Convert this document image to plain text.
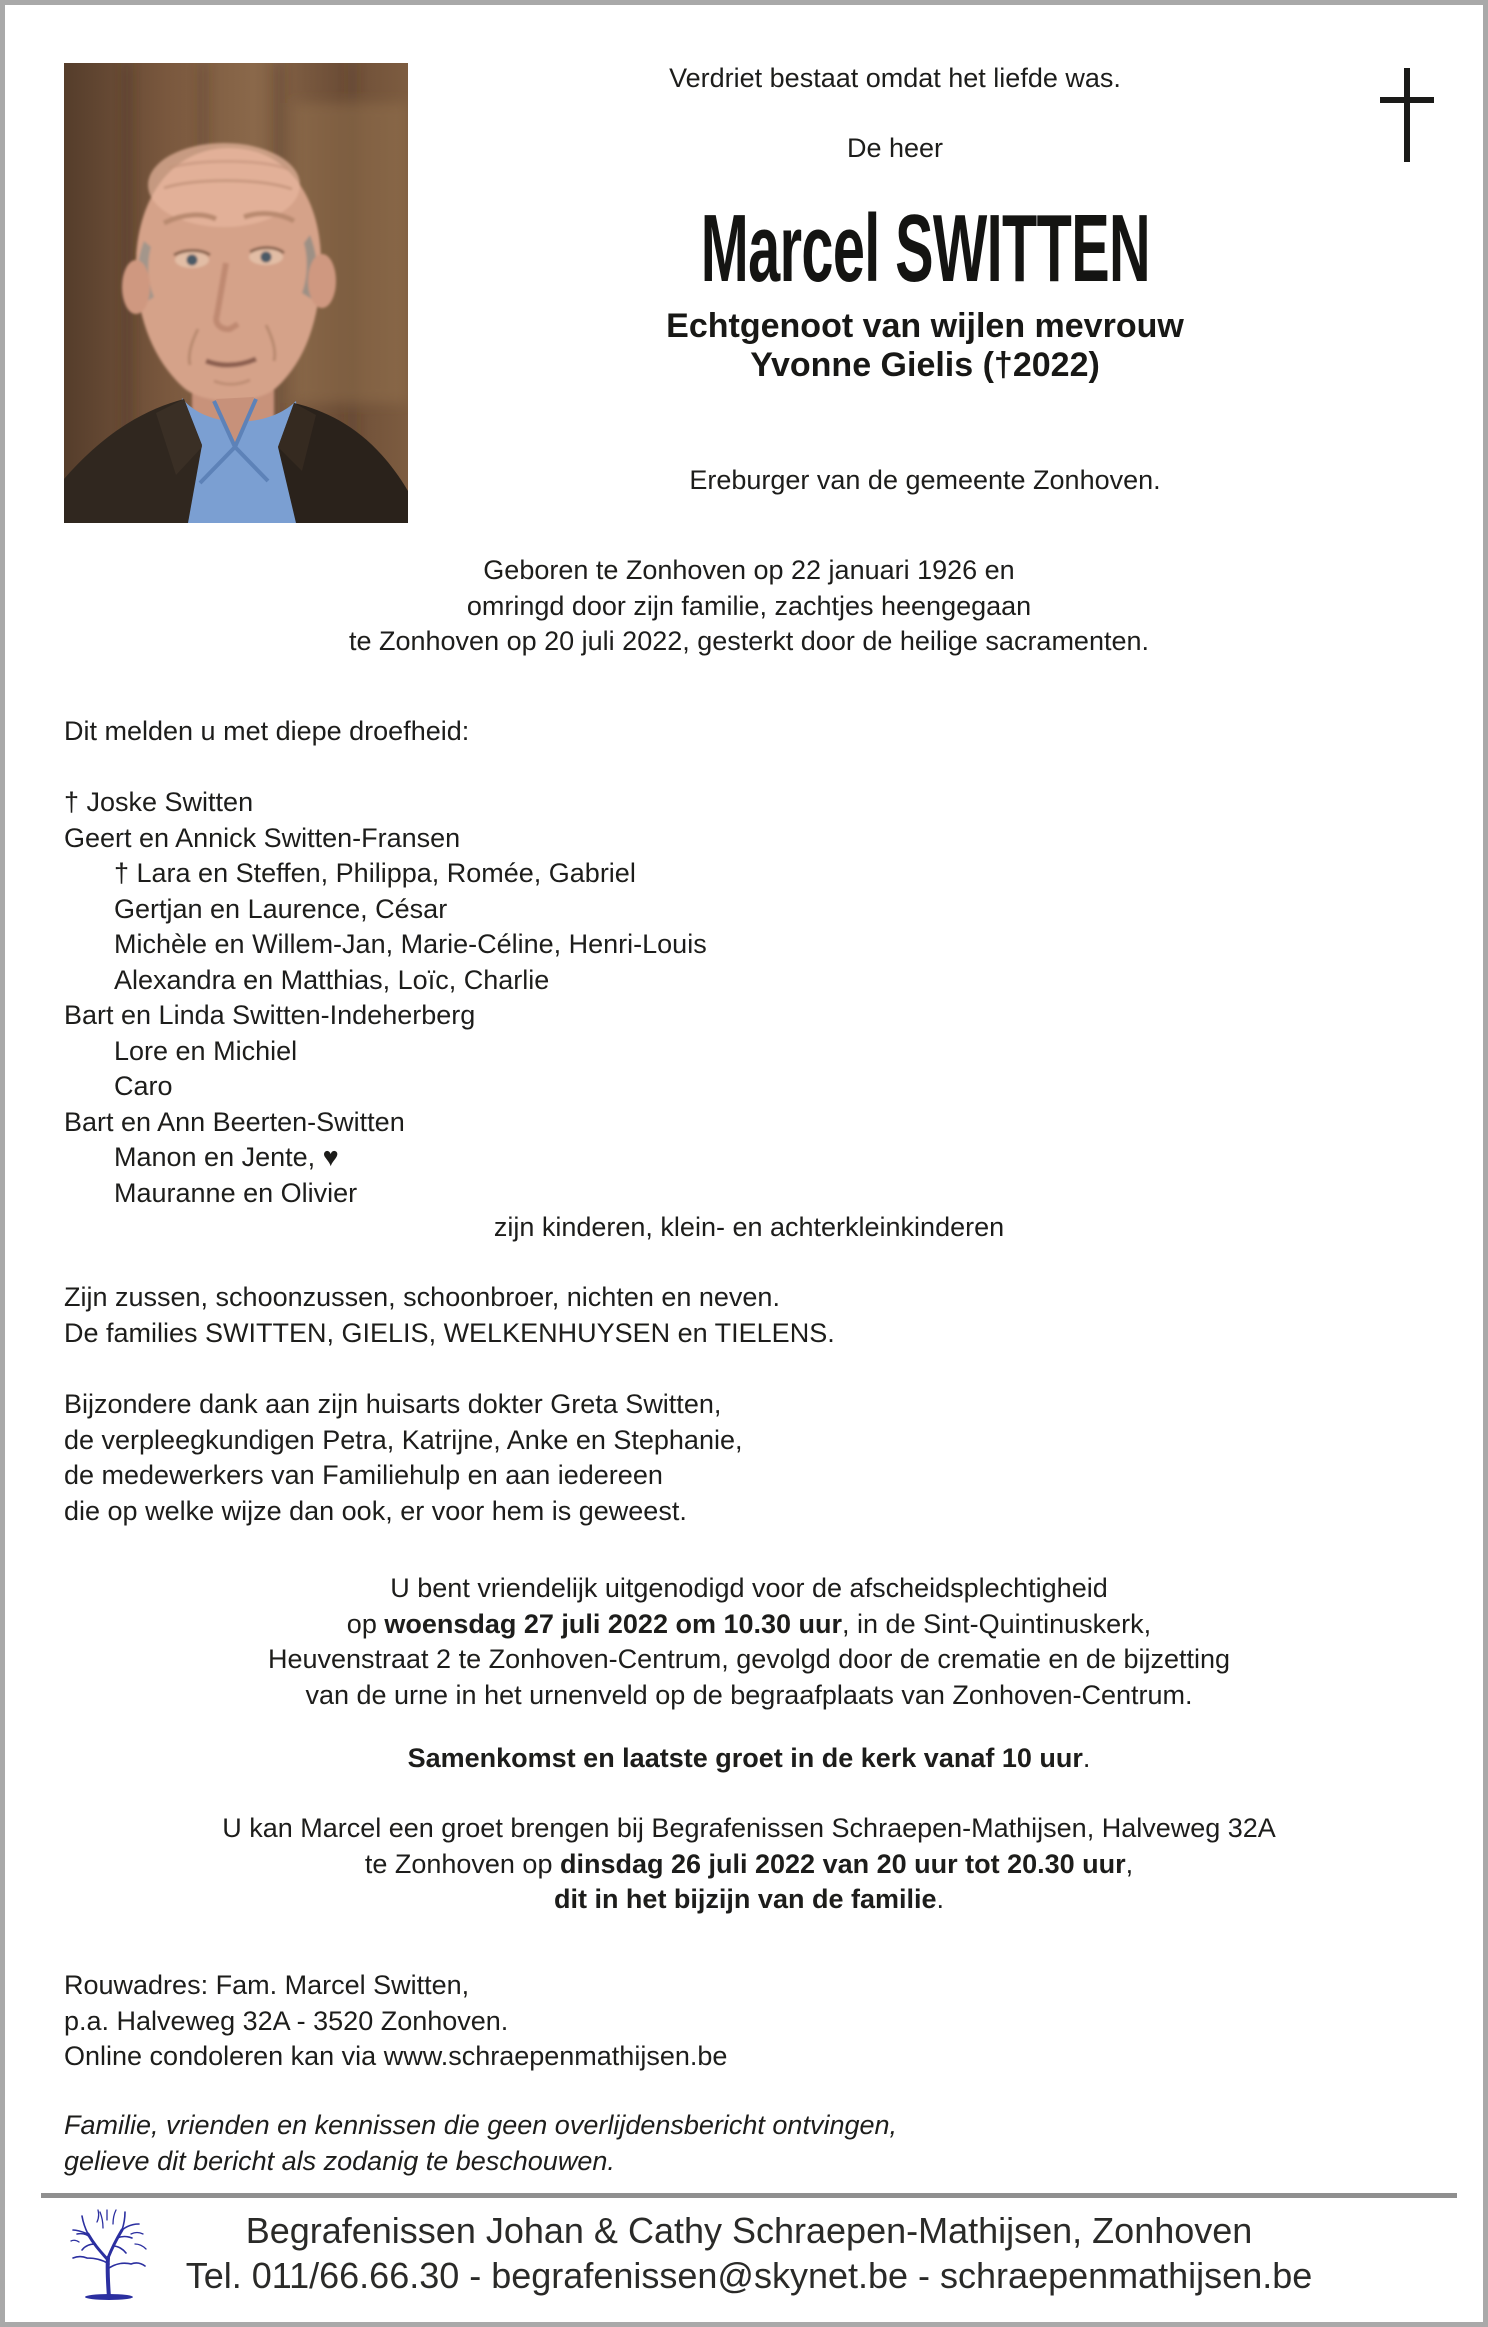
Verdriet bestaat omdat het liefde was.
De heer
Marcel SWITTEN
Echtgenoot van wijlen mevrouw
Yvonne Gielis (†2022)
Ereburger van de gemeente Zonhoven.
Geboren te Zonhoven op 22 januari 1926 en
omringd door zijn familie, zachtjes heengegaan
te Zonhoven op 20 juli 2022, gesterkt door de heilige sacramenten.
Dit melden u met diepe droefheid:
† Joske Switten
Geert en Annick Switten-Fransen
† Lara en Steffen, Philippa, Romée, Gabriel
Gertjan en Laurence, César
Michèle en Willem-Jan, Marie-Céline, Henri-Louis
Alexandra en Matthias, Loïc, Charlie
Bart en Linda Switten-Indeherberg
Lore en Michiel
Caro
Bart en Ann Beerten-Switten
Manon en Jente, ♥
Mauranne en Olivier
zijn kinderen, klein- en achterkleinkinderen
Zijn zussen, schoonzussen, schoonbroer, nichten en neven.
De families SWITTEN, GIELIS, WELKENHUYSEN en TIELENS.
Bijzondere dank aan zijn huisarts dokter Greta Switten,
de verpleegkundigen Petra, Katrijne, Anke en Stephanie,
de medewerkers van Familiehulp en aan iedereen
die op welke wijze dan ook, er voor hem is geweest.
U bent vriendelijk uitgenodigd voor de afscheidsplechtigheid
op woensdag 27 juli 2022 om 10.30 uur, in de Sint-Quintinuskerk,
Heuvenstraat 2 te Zonhoven-Centrum, gevolgd door de crematie en de bijzetting
van de urne in het urnenveld op de begraafplaats van Zonhoven-Centrum.
Samenkomst en laatste groet in de kerk vanaf 10 uur.
U kan Marcel een groet brengen bij Begrafenissen Schraepen-Mathijsen, Halveweg 32A
te Zonhoven op dinsdag 26 juli 2022 van 20 uur tot 20.30 uur,
dit in het bijzijn van de familie.
Rouwadres: Fam. Marcel Switten,
p.a. Halveweg 32A - 3520 Zonhoven.
Online condoleren kan via www.schraepenmathijsen.be
Familie, vrienden en kennissen die geen overlijdensbericht ontvingen,
gelieve dit bericht als zodanig te beschouwen.
Begrafenissen Johan & Cathy Schraepen-Mathijsen, Zonhoven
Tel. 011/66.66.30 - begrafenissen@skynet.be - schraepenmathijsen.be
